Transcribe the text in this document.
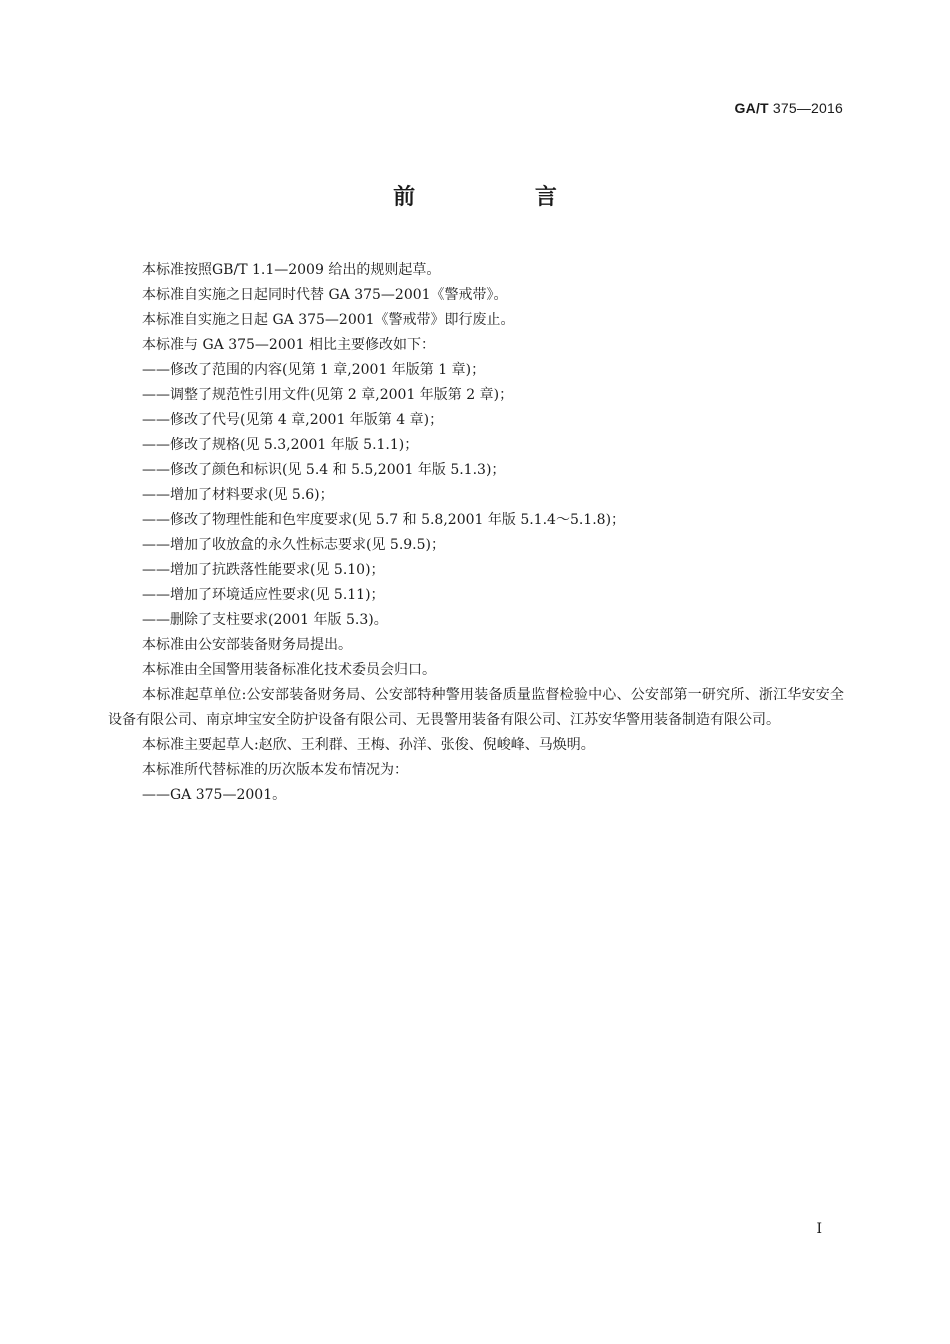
GA/T 375—2016
前 言

本标准按照GB/T 1.1—2009 给出的规则起草。

本标准自实施之日起同时代替 GA 375—2001《警戒带》。

本标准自实施之日起 GA 375—2001《警戒带》即行废止。

本标准与 GA 375—2001 相比主要修改如下：

——修改了范围的内容(见第 1 章,2001 年版第 1 章)；

——调整了规范性引用文件(见第 2 章,2001 年版第 2 章)；

——修改了代号(见第 4 章,2001 年版第 4 章)；

——修改了规格(见 5.3,2001 年版 5.1.1)；

——修改了颜色和标识(见 5.4 和 5.5,2001 年版 5.1.3)；

——增加了材料要求(见 5.6)；

——修改了物理性能和色牢度要求(见 5.7 和 5.8,2001 年版 5.1.4～5.1.8)；

——增加了收放盒的永久性标志要求(见 5.9.5)；

——增加了抗跌落性能要求(见 5.10)；

——增加了环境适应性要求(见 5.11)；

——删除了支柱要求(2001 年版 5.3)。

本标准由公安部装备财务局提出。

本标准由全国警用装备标准化技术委员会归口。

本标准起草单位:公安部装备财务局、公安部特种警用装备质量监督检验中心、公安部第一研究所、浙江华安安全设备有限公司、南京坤宝安全防护设备有限公司、无畏警用装备有限公司、江苏安华警用装备制造有限公司。

本标准主要起草人:赵欣、王利群、王梅、孙洋、张俊、倪峻峰、马焕明。

本标准所代替标准的历次版本发布情况为：

——GA 375—2001。

I
